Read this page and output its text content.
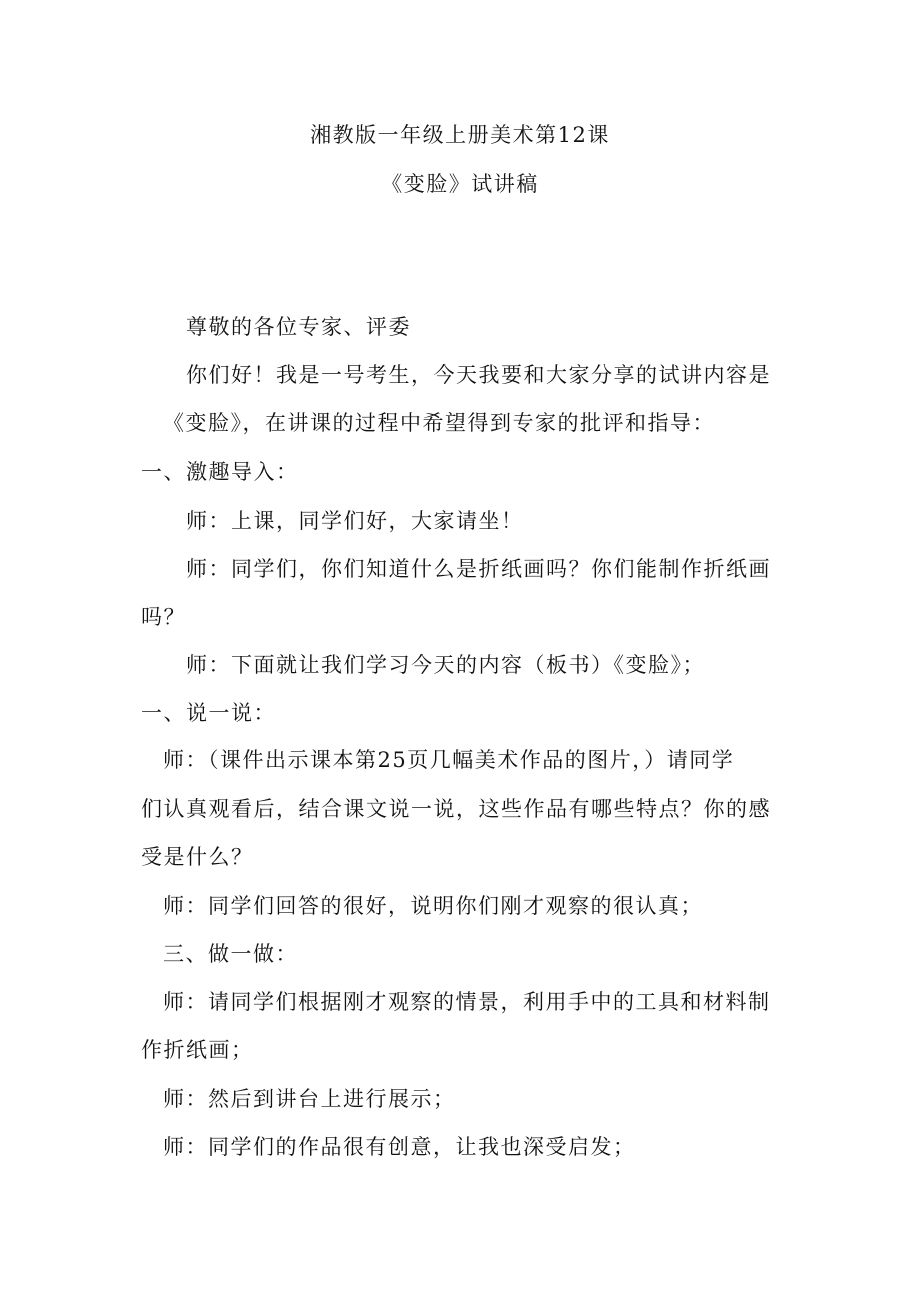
湘教版一年级上册美术第12课
《变脸》试讲稿
尊敬的各位专家、评委
你们好！我是一号考生，今天我要和大家分享的试讲内容是
《变脸》，在讲课的过程中希望得到专家的批评和指导：
一、激趣导入：
师：上课，同学们好，大家请坐！
师：同学们，你们知道什么是折纸画吗？你们能制作折纸画
吗？
师：下面就让我们学习今天的内容（板书）《变脸》；
一、说一说：
师：（课件出示课本第25页几幅美术作品的图片，）请同学
们认真观看后，结合课文说一说，这些作品有哪些特点？你的感
受是什么？
师：同学们回答的很好，说明你们刚才观察的很认真；
三、做一做：
师：请同学们根据刚才观察的情景，利用手中的工具和材料制
作折纸画；
师：然后到讲台上进行展示；
师：同学们的作品很有创意，让我也深受启发；
